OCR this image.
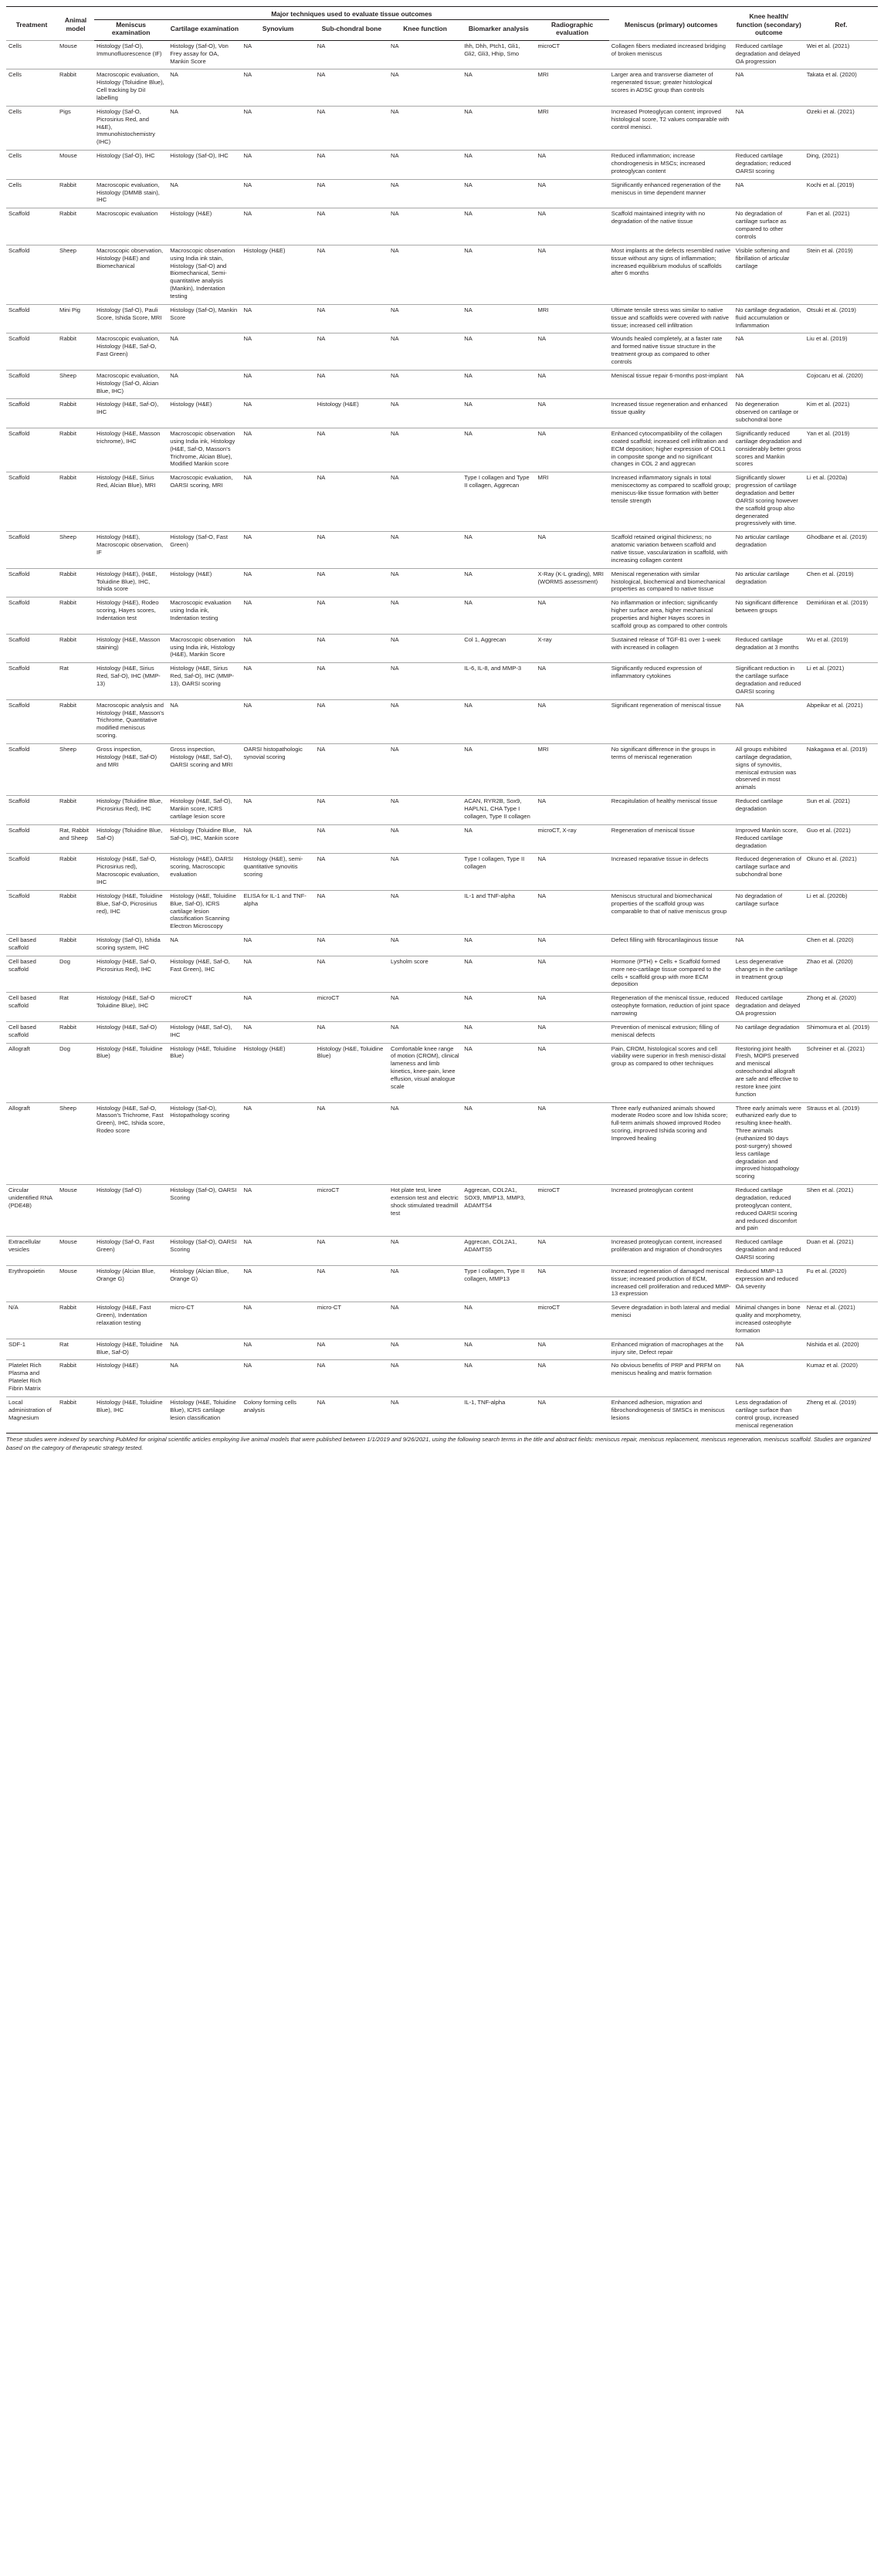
Treatment	Animal model	Major techniques used to evaluate tissue outcomes							Meniscus (primary) outcomes	Knee health/ function (secondary) outcome	Ref.
		Meniscus examination	Cartilage examination	Synovium	Sub-chondral bone	Knee function	Biomarker analysis	Radiographic evaluation			
Cells	Mouse	Histology (Saf-O), Immunofluorescence (IF)	Histology (Saf-O), Von Frey assay for OA, Mankin Score	NA	NA	NA	Ihh, Dhh, Ptch1, Gli1, Gli2, Gli3, Hhip, Smo	microCT	Collagen fibers mediated increased bridging of broken meniscus	Reduced cartilage degradation and delayed OA progression	Wei et al. (2021)
Cells	Rabbit	Macroscopic evaluation, Histology (Toluidine Blue), Cell tracking by DiI labelling	NA	NA	NA	NA	NA	MRI	Larger area and transverse diameter of regenerated tissue; greater histological scores in ADSC group than controls	NA	Takata et al. (2020)
Cells	Pigs	Histology (Saf-O, Picrosirius Red, and H&E), Immunohistochemistry (IHC)	NA	NA	NA	NA	NA	MRI	Increased Proteoglycan content; improved histological score, T2 values comparable with control menisci.	NA	Ozeki et al. (2021)
Cells	Mouse	Histology (Saf-O), IHC	Histology (Saf-O), IHC	NA	NA	NA	NA	NA	Reduced inflammation; increase chondrogenesis in MSCs; increased proteoglycan content	Reduced cartilage degradation; reduced OARSI scoring	Ding, (2021)
Cells	Rabbit	Macroscopic evaluation, Histology (DMMB stain), IHC	NA	NA	NA	NA	NA	NA	Significantly enhanced regeneration of the meniscus in time dependent manner	NA	Kochi et al. (2019)
Scaffold	Rabbit	Macroscopic evaluation	Histology (H&E)	NA	NA	NA	NA	NA	Scaffold maintained integrity with no degradation of the native tissue	No degradation of cartilage surface as compared to other controls	Fan et al. (2021)
Scaffold	Sheep	Macroscopic observation, Histology (H&E) and Biomechanical	Macroscopic observation using India ink stain, Histology (Saf-O) and Biomechanical, Semi-quantitative analysis (Mankin), Indentation testing	Histology (H&E)	NA	NA	NA	NA	Most implants at the defects resembled native tissue without any signs of inflammation; increased equilibrium modulus of scaffolds after 6 months	Visible softening and fibrillation of articular cartilage	Stein et al. (2019)
Scaffold	Mini Pig	Histology (Saf-O), Pauli Score, Ishida Score, MRI	Histology (Saf-O), Mankin Score	NA	NA	NA	NA	MRI	Ultimate tensile stress was similar to native tissue and scaffolds were covered with native tissue; increased cell infiltration	No cartilage degradation, fluid accumulation or Inflammation	Otsuki et al. (2019)
Scaffold	Rabbit	Macroscopic evaluation, Histology (H&E, Saf-O, Fast Green)	NA	NA	NA	NA	NA	NA	Wounds healed completely, at a faster rate and formed native tissue structure in the treatment group as compared to other controls	NA	Liu et al. (2019)
Scaffold	Sheep	Macroscopic evaluation, Histology (Saf-O, Alcian Blue, IHC)	NA	NA	NA	NA	NA	NA	Meniscal tissue repair 6-months post-implant	NA	Cojocaru et al. (2020)
Scaffold	Rabbit	Histology (H&E, Saf-O), IHC	Histology (H&E)	NA	Histology (H&E)	NA	NA	NA	Increased tissue regeneration and enhanced tissue quality	No degeneration observed on cartilage or subchondral bone	Kim et al. (2021)
Scaffold	Rabbit	Histology (H&E, Masson trichrome), IHC	Macroscopic observation using India ink, Histology (H&E, Saf-O, Masson's Trichrome, Alcian Blue), Modified Mankin score	NA	NA	NA	NA	NA	Enhanced cytocompatibility of the collagen coated scaffold; increased cell infiltration and ECM deposition; higher expression of COL1 in composite sponge and no significant changes in COL 2 and aggrecan	Significantly reduced cartilage degradation and considerably better gross scores and Mankin scores	Yan et al. (2019)
Scaffold	Rabbit	Histology (H&E, Sirius Red, Alcian Blue), MRI	Macroscopic evaluation, OARSI scoring, MRI	NA	NA	NA	Type I collagen and Type II collagen, Aggrecan	MRI	Increased inflammatory signals in total meniscectomy as compared to scaffold group; meniscus-like tissue formation with better tensile strength	Significantly slower progression of cartilage degradation and better OARSI scoring however the scaffold group also degenerated progressively with time.	Li et al. (2020a)
Scaffold	Sheep	Histology (H&E), Macroscopic observation, IF	Histology (Saf-O, Fast Green)	NA	NA	NA	NA	NA	Scaffold retained original thickness; no anatomic variation between scaffold and native tissue, vascularization in scaffold, with increasing collagen content	No articular cartilage degradation	Ghodbane et al. (2019)
Scaffold	Rabbit	Histology (H&E), (H&E, Toluidine Blue), IHC, Ishida score	Histology (H&E)	NA	NA	NA	NA	X-Ray (K-L grading), MRI (WORMS assessment)	Meniscal regeneration with similar histological, biochemical and biomechanical properties as compared to native tissue	No articular cartilage degradation	Chen et al. (2019)
Scaffold	Rabbit	Histology (H&E), Rodeo scoring, Hayes scores, Indentation test	Macroscopic evaluation using India ink, Indentation testing	NA	NA	NA	NA	NA	No inflammation or infection; significantly higher surface area, higher mechanical properties and higher Hayes scores in scaffold group as compared to other controls	No significant difference between groups	Demirkiran et al. (2019)
Scaffold	Rabbit	Histology (H&E, Masson staining)	Macroscopic observation using India ink, Histology (H&E), Mankin Score	NA	NA	NA	Col 1, Aggrecan	X-ray	Sustained release of TGF-B1 over 1-week with increased in collagen	Reduced cartilage degradation at 3 months	Wu et al. (2019)
Scaffold	Rat	Histology (H&E, Sirius Red, Saf-O), IHC (MMP-13)	Histology (H&E, Sirius Red, Saf-O), IHC (MMP-13), OARSI scoring	NA	NA	NA	IL-6, IL-8, and MMP-3	NA	Significantly reduced expression of inflammatory cytokines	Significant reduction in the cartilage surface degradation and reduced OARSI scoring	Li et al. (2021)
Scaffold	Rabbit	Macroscopic analysis and Histology (H&E, Masson's Trichrome, Quantitative modified meniscus scoring.	NA	NA	NA	NA	NA	NA	Significant regeneration of meniscal tissue	NA	Abpeikar et al. (2021)
Scaffold	Sheep	Gross inspection, Histology (H&E, Saf-O) and MRI	Gross inspection, Histology (H&E, Saf-O), OARSI scoring and MRI	OARSI histopathologic synovial scoring	NA	NA	NA	MRI	No significant difference in the groups in terms of meniscal regeneration	All groups exhibited cartilage degradation, signs of synovitis, meniscal extrusion was observed in most animals	Nakagawa et al. (2019)
Scaffold	Rabbit	Histology (Toluidine Blue, Picrosirius Red), IHC	Histology (H&E, Saf-O), Mankin score, ICRS cartilage lesion score	NA	NA	NA	ACAN, RYR2B, Sox9, HAPLN1, CHA Type I collagen, Type II collagen	NA	Recapitulation of healthy meniscal tissue	Reduced cartilage degradation	Sun et al. (2021)
Scaffold	Rat, Rabbit and Sheep	Histology (Toluidine Blue, Saf-O)	Histology (Toluidine Blue, Saf-O), IHC, Mankin score	NA	NA	NA	NA	microCT, X-ray	Regeneration of meniscal tissue	Improved Mankin score, Reduced cartilage degradation	Guo et al. (2021)
Scaffold	Rabbit	Histology (H&E, Saf-O, Picrosirius red), Macroscopic evaluation, IHC	Histology (H&E), OARSI scoring, Macroscopic evaluation	Histology (H&E), semi-quantitative synovitis scoring	NA	NA	Type I collagen, Type II collagen	NA	Increased reparative tissue in defects	Reduced degeneration of cartilage surface and subchondral bone	Okuno et al. (2021)
Scaffold	Rabbit	Histology (H&E, Toluidine Blue, Saf-O, Picrosirius red), IHC	Histology (H&E, Toluidine Blue, Saf-O), ICRS cartilage lesion classification Scanning Electron Microscopy	ELISA for IL-1 and TNF-alpha	NA	NA	IL-1 and TNF-alpha	NA	Meniscus structural and biomechanical properties of the scaffold group was comparable to that of native meniscus group	No degradation of cartilage surface	Li et al. (2020b)
Cell based scaffold	Rabbit	Histology (Saf-O), Ishida scoring system, IHC	NA	NA	NA	NA	NA	NA	Defect filling with fibrocartilaginous tissue	NA	Chen et al. (2020)
Cell based scaffold	Dog	Histology (H&E, Saf-O, Picrosirius Red), IHC	Histology (H&E, Saf-O, Fast Green), IHC	NA	NA	Lysholm score	NA	NA	Hormone (PTH) + Cells + Scaffold formed more neo-cartilage tissue compared to the cells + scaffold group with more ECM deposition	Less degenerative changes in the cartilage in treatment group	Zhao et al. (2020)
Cell based scaffold	Rat	Histology (H&E, Saf-O Toluidine Blue), IHC	microCT	NA	microCT	NA	NA	NA	Regeneration of the meniscal tissue, reduced osteophyte formation, reduction of joint space narrowing	Reduced cartilage degradation and delayed OA progression	Zhong et al. (2020)
Cell based scaffold	Rabbit	Histology (H&E, Saf-O)	Histology (H&E, Saf-O), IHC	NA	NA	NA	NA	NA	Prevention of meniscal extrusion; filling of meniscal defects	No cartilage degradation	Shimomura et al. (2019)
Allograft	Dog	Histology (H&E, Toluidine Blue)	Histology (H&E, Toluidine Blue)	Histology (H&E)	Histology (H&E, Toluidine Blue)	Comfortable knee range of motion (CROM), clinical lameness and limb kinetics, knee-pain, knee effusion, visual analogue scale	NA	NA	Pain, CROM, histological scores and cell viability were superior in fresh menisci-distal group as compared to other techniques	Restoring joint health Fresh, MOPS preserved and meniscal osteochondral allograft are safe and effective to restore knee joint function	Schreiner et al. (2021)
Allograft	Sheep	Histology (H&E, Saf-O, Masson's Trichrome, Fast Green), IHC, Ishida score, Rodeo score	Histology (Saf-O), Histopathology scoring	NA	NA	NA	NA	NA	Three early euthanized animals showed moderate Rodeo score and low Ishida score; full-term animals showed improved Rodeo scoring, improved Ishida scoring and Improved healing	Three early animals were euthanized early due to resulting knee-health. Three animals (euthanized 90 days post-surgery) showed less cartilage degradation and improved histopathology scoring	Strauss et al. (2019)
Circular unidentified RNA (PDE4B)	Mouse	Histology (Saf-O)	Histology (Saf-O), OARSI Scoring	NA	microCT	Hot plate test, knee extension test and electric shock stimulated treadmill test	Aggrecan, COL2A1, SOX9, MMP13, MMP3, ADAMTS4	microCT	Increased proteoglycan content	Reduced cartilage degradation, reduced proteoglycan content, reduced OARSI scoring and reduced discomfort and pain	Shen et al. (2021)
Extracellular vesicles	Mouse	Histology (Saf-O, Fast Green)	Histology (Saf-O), OARSI Scoring	NA	NA	NA	Aggrecan, COL2A1, ADAMTS5	NA	Increased proteoglycan content, increased proliferation and migration of chondrocytes	Reduced cartilage degradation and reduced OARSI scoring	Duan et al. (2021)
Erythropoietin	Mouse	Histology (Alcian Blue, Orange G)	Histology (Alcian Blue, Orange G)	NA	NA	NA	Type I collagen, Type II collagen, MMP13	NA	Increased regeneration of damaged meniscal tissue; increased production of ECM, increased cell proliferation and reduced MMP-13 expression	Reduced MMP-13 expression and reduced OA severity	Fu et al. (2020)
N/A	Rabbit	Histology (H&E, Fast Green), Indentation relaxation testing	micro-CT	NA	micro-CT	NA	NA	microCT	Severe degradation in both lateral and medial menisci	Minimal changes in bone quality and morphometry, increased osteophyte formation	Neraz et al. (2021)
SDF-1	Rat	Histology (H&E, Toluidine Blue, Saf-O)	NA	NA	NA	NA	NA	NA	Enhanced migration of macrophages at the injury site, Defect repair	NA	Nishida et al. (2020)
Platelet Rich Plasma and Platelet Rich Fibrin Matrix	Rabbit	Histology (H&E)	NA	NA	NA	NA	NA	NA	No obvious benefits of PRP and PRFM on meniscus healing and matrix formation	NA	Kumaz et al. (2020)
Local administration of Magnesium	Rabbit	Histology (H&E, Toluidine Blue), IHC	Histology (H&E, Toluidine Blue), ICRS cartilage lesion classification	Colony forming cells analysis	NA	NA	IL-1, TNF-alpha	NA	Enhanced adhesion, migration and fibrochondrogenesis of SMSCs in meniscus lesions	Less degradation of cartilage surface than control group, increased meniscal regeneration	Zheng et al. (2019)
These studies were indexed by searching PubMed for original scientific articles employing live animal models that were published between 1/1/2019 and 9/26/2021, using the following search terms in the title and abstract fields: meniscus repair, meniscus replacement, meniscus regeneration, meniscus scaffold. Studies are organized based on the category of therapeutic strategy tested.
